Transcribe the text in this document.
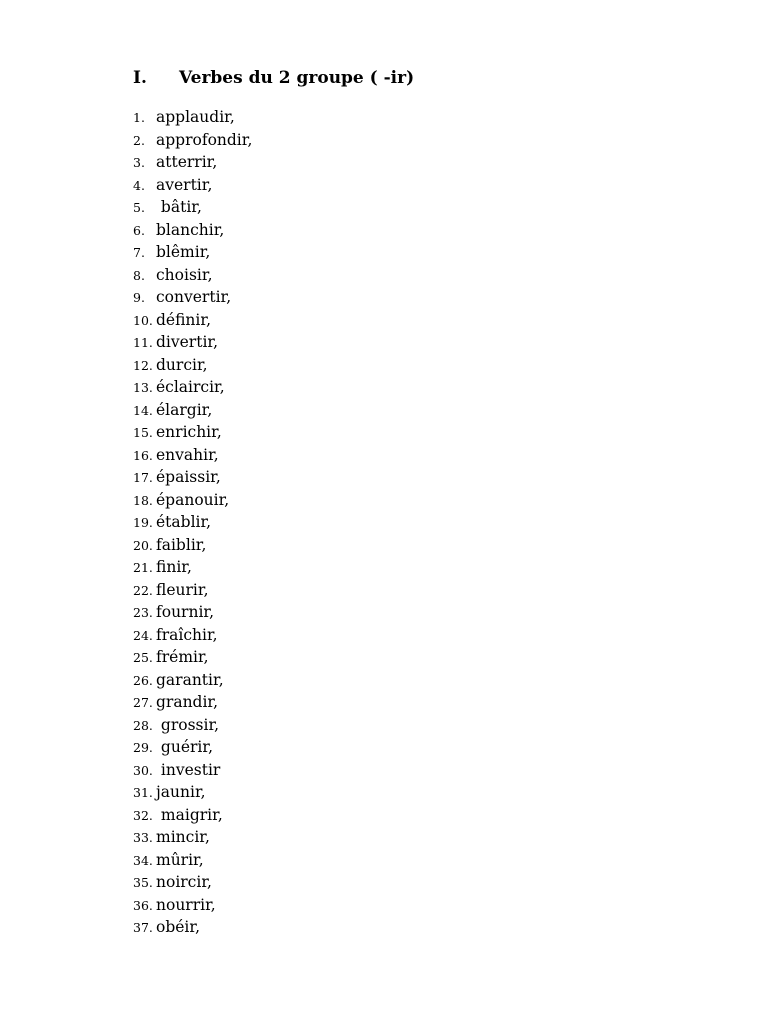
I. Verbes du 2 groupe ( -ir)
1. applaudir,
2. approfondir,
3. atterrir,
4. avertir,
5. bâtir,
6. blanchir,
7. blêmir,
8. choisir,
9. convertir,
10. définir,
11. divertir,
12. durcir,
13. éclaircir,
14. élargir,
15. enrichir,
16. envahir,
17. épaissir,
18. épanouir,
19. établir,
20. faiblir,
21. finir,
22. fleurir,
23. fournir,
24. fraîchir,
25. frémir,
26. garantir,
27. grandir,
28. grossir,
29. guérir,
30. investir
31. jaunir,
32. maigrir,
33. mincir,
34. mûrir,
35. noircir,
36. nourrir,
37. obéir,
